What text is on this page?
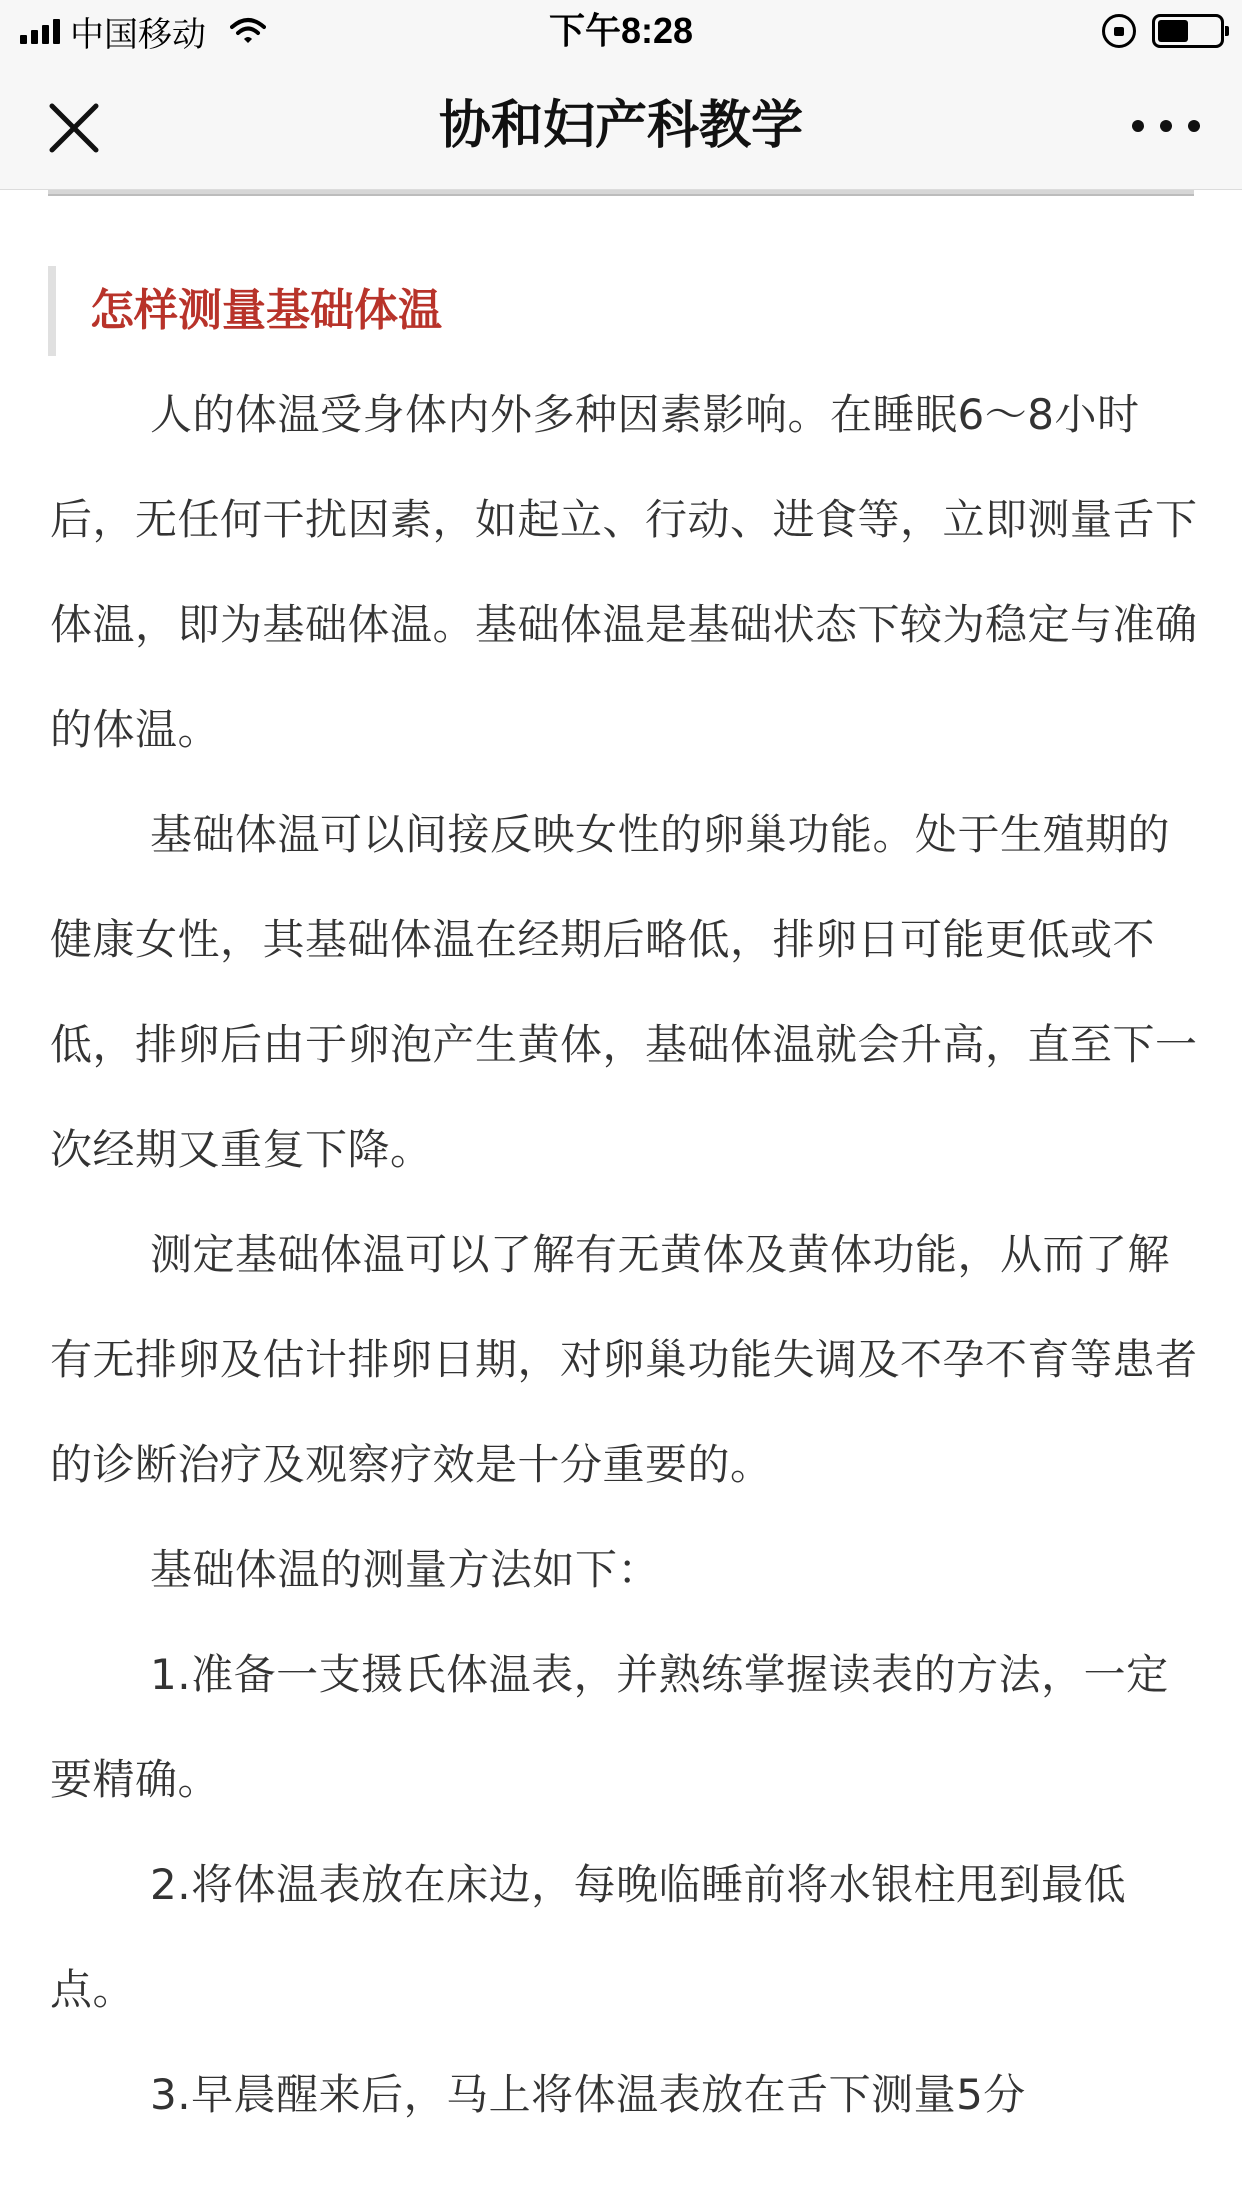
中国移动	下午8:28
协和妇产科教学
怎样测量基础体温

人的体温受身体内外多种因素影响。在睡眠6～8小时后，无任何干扰因素，如起立、行动、进食等，立即测量舌下体温，即为基础体温。基础体温是基础状态下较为稳定与准确的体温。

基础体温可以间接反映女性的卵巢功能。处于生殖期的健康女性，其基础体温在经期后略低，排卵日可能更低或不低，排卵后由于卵泡产生黄体，基础体温就会升高，直至下一次经期又重复下降。

测定基础体温可以了解有无黄体及黄体功能，从而了解有无排卵及估计排卵日期，对卵巢功能失调及不孕不育等患者的诊断治疗及观察疗效是十分重要的。

基础体温的测量方法如下：

1.准备一支摄氏体温表，并熟练掌握读表的方法，一定要精确。

2.将体温表放在床边，每晚临睡前将水银柱甩到最低点。

3.早晨醒来后，马上将体温表放在舌下测量5分
